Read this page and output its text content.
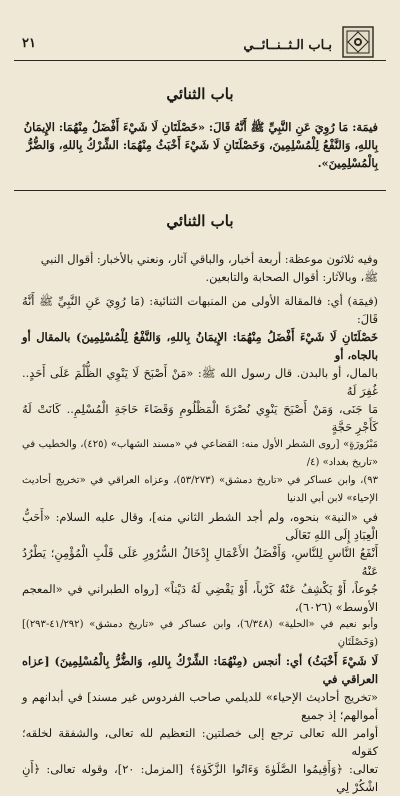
بـاب الـثــنــائــي
٢١
باب الثنائي
فيمَة: مَا رُوِيَ عَنِ النَّبِيِّ ﷺ أَنَّهُ قَالَ: «خَصْلَتَانِ لَا شَيْءَ أَفْضَلُ مِنْهُمَا: الإِيمَانُ
بِاللهِ، وَالنَّفْعُ لِلْمُسْلِمِينَ، وَخَصْلَتَانِ لَا شَيْءَ أَخْبَثُ مِنْهُمَا: الشِّرْكُ بِاللهِ، وَالضُّرُّ
بِالْمُسْلِمِينَ».
باب الثنائي
وفيه ثلاثون موعظة: أربعة أخبار، والباقي آثار، ونعني بالأخبار: أقوال النبي
ﷺ، وبالآثار: أقوال الصحابة والتابعين.
(فيمَة) أي: فالمقالة الأولى من المنبهات الثنائية: (مَا رُوِيَ عَنِ النَّبِيِّ ﷺ أَنَّهُ قَالَ:
خَصْلَتَانِ لَا شَيْءَ أَفْضَلُ مِنْهُمَا: الإِيمَانُ بِاللهِ، وَالنَّفْعُ لِلْمُسْلِمِينَ) بالمقال أو بالجاه، أو
بالمال، أو بالبدن. قال رسول الله ﷺ: «مَنْ أَصْبَحَ لَا يَنْوِي الظُّلْمَ عَلَى أَحَدٍ.. غُفِرَ لَهُ
مَا جَنَى، وَمَنْ أَصْبَحَ يَنْوِي نُصْرَةَ الْمَظْلُومِ وَقَضَاءَ حَاجَةِ الْمُسْلِمِ.. كَانَتْ لَهُ كَأَجْرِ حَجَّةٍ
مَبْرُورَةٍ» [روى الشطر الأول منه: القضاعي في «مسند الشهاب» (٤٢٥)، والخطيب في «تاريخ بغداد» (٤/
٩٣)، وابن عساكر في «تاريخ دمشق» (٥٣/٢٧٣)، وعزاه العراقي في «تخريج أحاديث الإحياء» لابن أبي الدنيا
في «النية» بنحوه، ولم أجد الشطر الثاني منه]، وقال عليه السلام: «أَحَبُّ الْعِبَادِ إِلَى اللهِ تَعَالَى
أَنْفَعُ النَّاسِ لِلنَّاسِ، وَأَفْضَلُ الأَعْمَالِ إِدْخَالُ السُّرُورِ عَلَى قَلْبِ الْمُؤْمِنِ؛ يَطْرُدُ عَنْهُ
جُوعاً، أَوْ يَكْشِفُ عَنْهُ كَرْباً، أَوْ يَقْضِي لَهُ دَيْناً» [رواه الطبراني في «المعجم الأوسط» (٦٠٢٦)،
وأبو نعيم في «الحلية» (٦/٣٤٨)، وابن عساكر في «تاريخ دمشق» (٤١/٢٩٢-٢٩٣)] (وَخَصْلَتَانِ
لَا شَيْءَ أَخْبَثُ) أي: أنجس (مِنْهُمَا: الشِّرْكُ بِاللهِ، وَالضُّرُّ بِالْمُسْلِمِينَ) [عزاه العراقي في
«تخريج أحاديث الإحياء» للديلمي صاحب الفردوس غير مسند] في أبدانهم و أموالهم؛ إذ جميع
أوامر الله تعالى ترجع إلى خصلتين: التعظيم لله تعالى، والشفقة لخلقه؛ كقوله
تعالى: ﴿وَأَقِيمُوا الصَّلَوٰةَ وَءَاتُوا الزَّكَوٰةَ﴾ [المزمل: ٢٠]، وقوله تعالى: ﴿أَنِ اشْكُرْ لِي
